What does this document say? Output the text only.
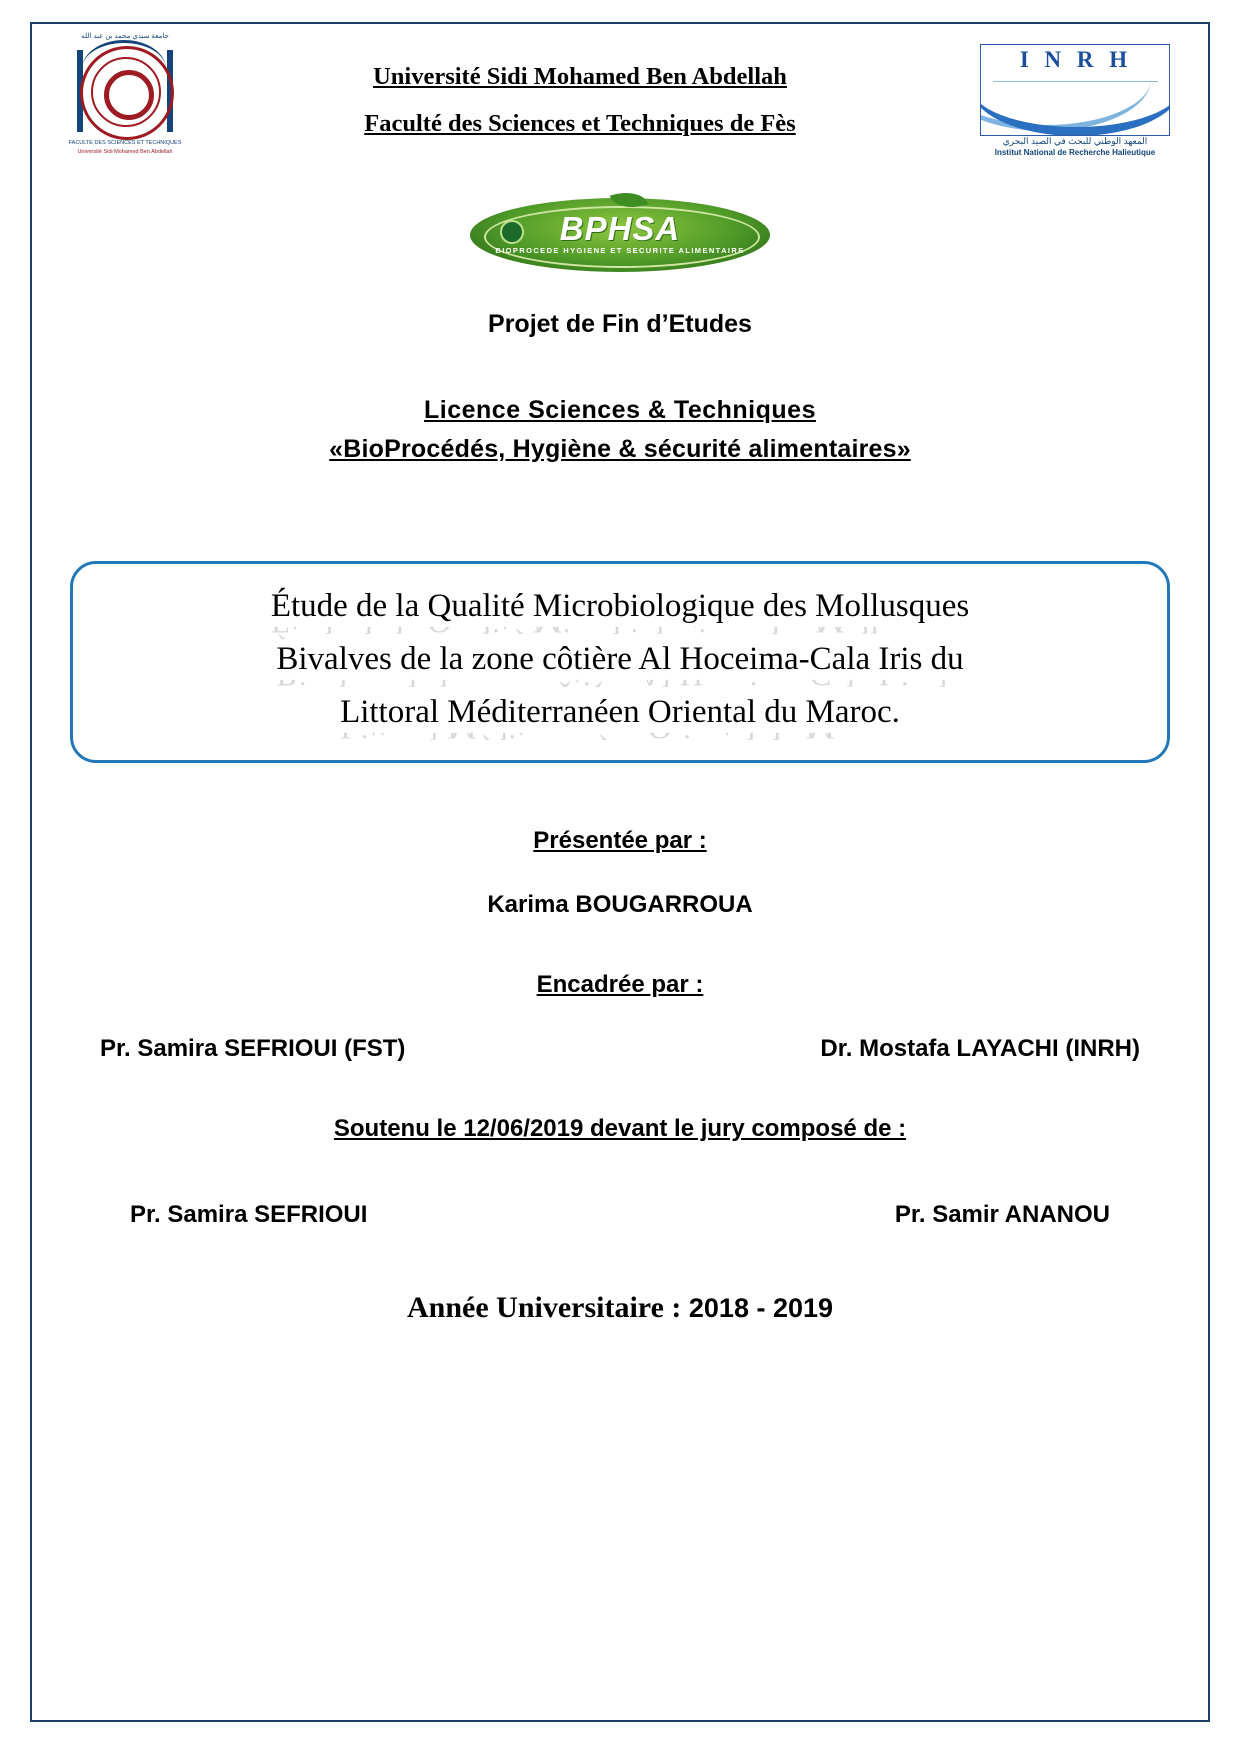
جامعة سيدي محمد بن عبد الله
FACULTE DES SCIENCES ET TECHNIQUES
Université Sidi Mohamed Ben Abdellah
Université Sidi Mohamed Ben Abdellah
Faculté des Sciences et Techniques de Fès
I N R H
المعهد الوطني للبحث في الصيد البحري
Institut National de Recherche Halieutique
BPHSA
BIOPROCEDE HYGIENE ET SECURITE ALIMENTAIRE
Projet de Fin d’Etudes
Licence Sciences & Techniques
«BioProcédés, Hygiène & sécurité alimentaires»
Étude de la Qualité Microbiologique des Mollusques Étude de la Qualité Microbiologique des Mollusques
Bivalves de la zone côtière Al Hoceima-Cala Iris du Bivalves de la zone côtière Al Hoceima-Cala Iris du
Littoral Méditerranéen Oriental du Maroc. Littoral Méditerranéen Oriental du Maroc.
Présentée par :
Karima BOUGARROUA
Encadrée par :
Pr. Samira SEFRIOUI (FST)	Dr. Mostafa LAYACHI (INRH)
Soutenu le 12/06/2019 devant le jury composé de :
Pr. Samira SEFRIOUI	Pr. Samir ANANOU
Année Universitaire : 2018 - 2019
